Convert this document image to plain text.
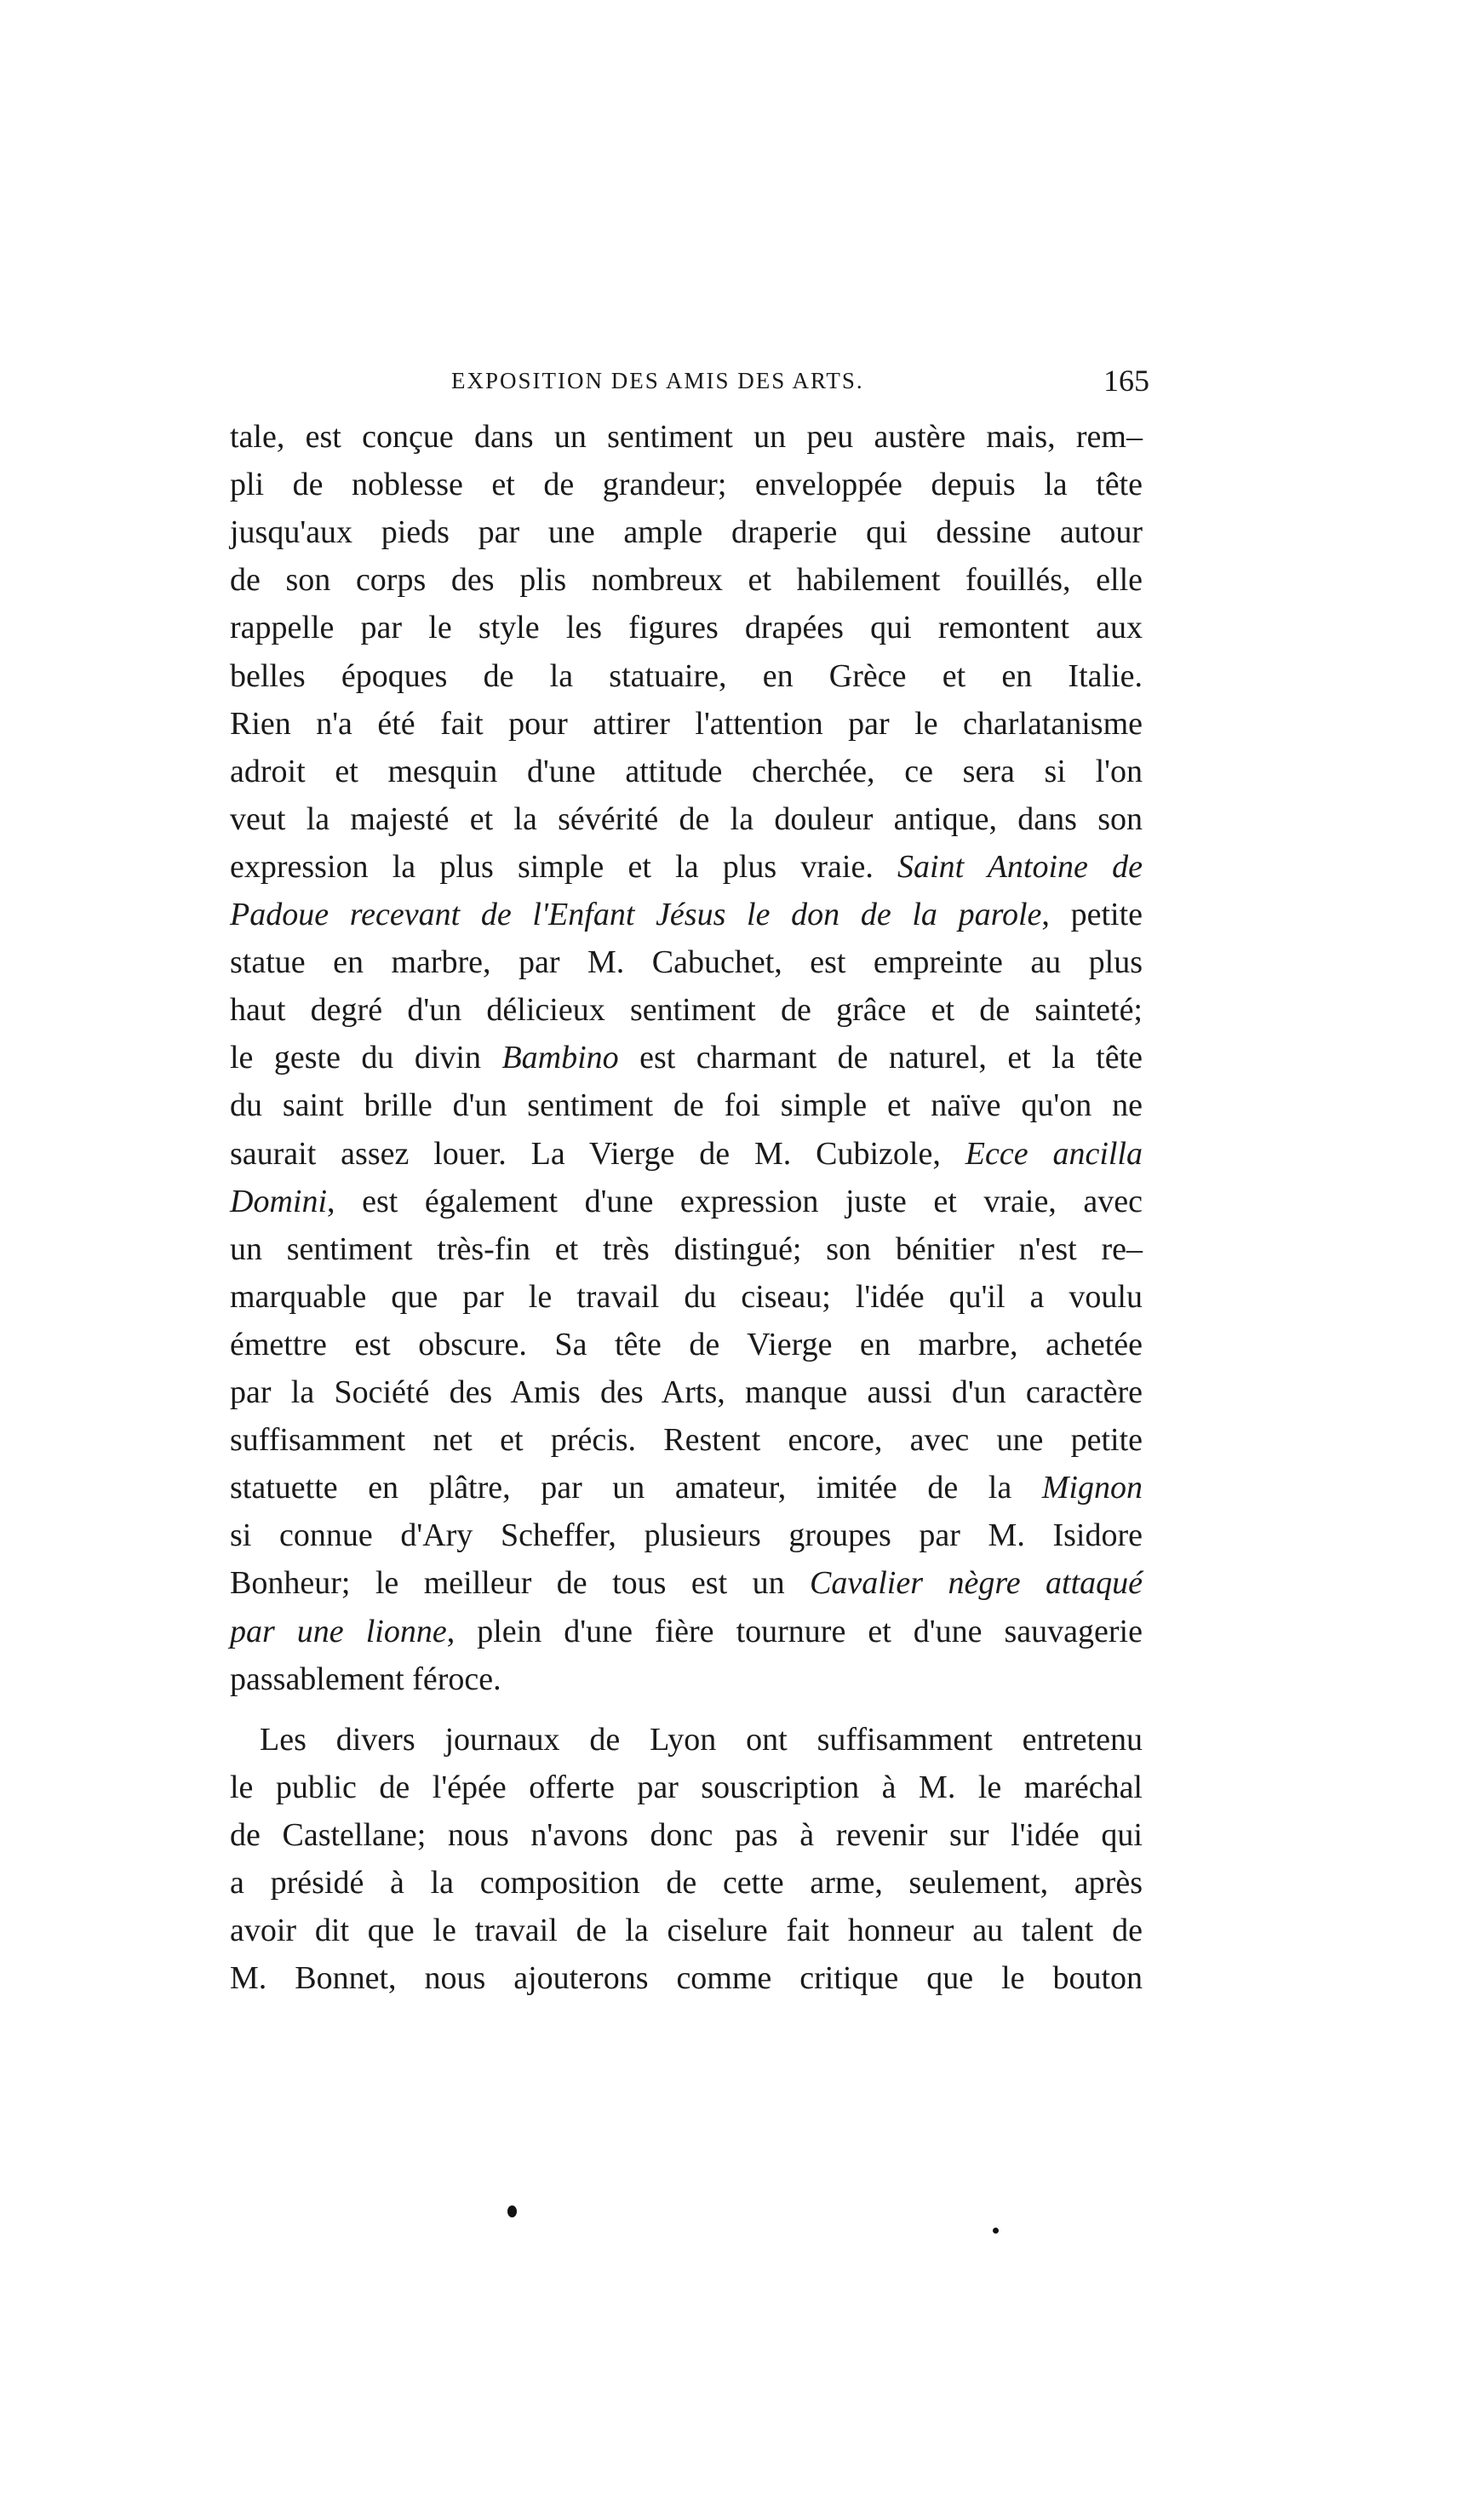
EXPOSITION DES AMIS DES ARTS.	165
tale, est conçue dans un sentiment un peu austère mais, rem–
pli de noblesse et de grandeur; enveloppée depuis la tête
jusqu'aux pieds par une ample draperie qui dessine autour
de son corps des plis nombreux et habilement fouillés, elle
rappelle par le style les figures drapées qui remontent aux
belles époques de la statuaire, en Grèce et en Italie.
Rien n'a été fait pour attirer l'attention par le charlatanisme
adroit et mesquin d'une attitude cherchée, ce sera si l'on
veut la majesté et la sévérité de la douleur antique, dans son
expression la plus simple et la plus vraie. Saint Antoine de
Padoue recevant de l'Enfant Jésus le don de la parole, petite
statue en marbre, par M. Cabuchet, est empreinte au plus
haut degré d'un délicieux sentiment de grâce et de sainteté;
le geste du divin Bambino est charmant de naturel, et la tête
du saint brille d'un sentiment de foi simple et naïve qu'on ne
saurait assez louer. La Vierge de M. Cubizole, Ecce ancilla
Domini, est également d'une expression juste et vraie, avec
un sentiment très-fin et très distingué; son bénitier n'est re–
marquable que par le travail du ciseau; l'idée qu'il a voulu
émettre est obscure. Sa tête de Vierge en marbre, achetée
par la Société des Amis des Arts, manque aussi d'un caractère
suffisamment net et précis. Restent encore, avec une petite
statuette en plâtre, par un amateur, imitée de la Mignon
si connue d'Ary Scheffer, plusieurs groupes par M. Isidore
Bonheur; le meilleur de tous est un Cavalier nègre attaqué
par une lionne, plein d'une fière tournure et d'une sauvagerie
passablement féroce.
Les divers journaux de Lyon ont suffisamment entretenu
le public de l'épée offerte par souscription à M. le maréchal
de Castellane; nous n'avons donc pas à revenir sur l'idée qui
a présidé à la composition de cette arme, seulement, après
avoir dit que le travail de la ciselure fait honneur au talent de
M. Bonnet, nous ajouterons comme critique que le bouton
